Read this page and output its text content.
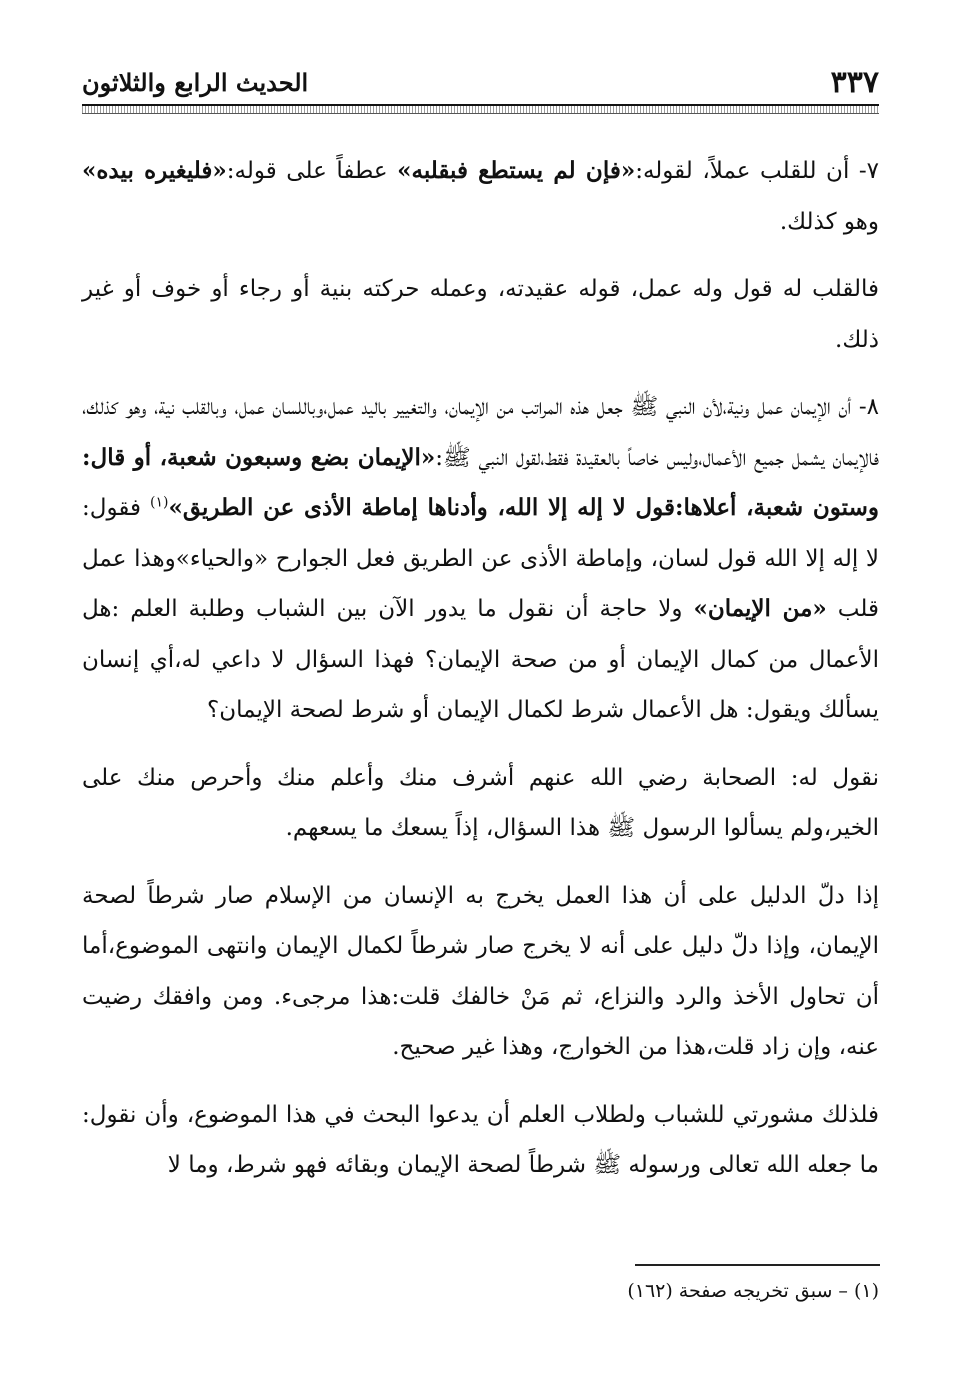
٣٣٧
الحديث الرابع والثلاثون

٧- أن للقلب عملاً، لقوله:«فإن لم يستطع فبقلبه» عطفاً على قوله:«فليغيره بيده» وهو كذلك.

فالقلب له قول وله عمل، قوله عقيدته، وعمله حركته بنية أو رجاء أو خوف أو غير ذلك.

٨- أن الإيمان عمل ونية،لأن النبي ﷺ جعل هذه المراتب من الإيمان، والتغيير باليد عمل،وباللسان عمل، وبالقلب نية، وهو كذلك، فالإيمان يشمل جميع الأعمال،وليس خاصاً بالعقيدة فقط،لقول النبي ﷺ:«الإيمان بضع وسبعون شعبة، أو قال: وستون شعبة، أعلاها:قول لا إله إلا الله، وأدناها إماطة الأذى عن الطريق»$^{(١)}$ فقول: لا إله إلا الله قول لسان، وإماطة الأذى عن الطريق فعل الجوارح «والحياء»وهذا عمل قلب «من الإيمان» ولا حاجة أن نقول ما يدور الآن بين الشباب وطلبة العلم :هل الأعمال من كمال الإيمان أو من صحة الإيمان؟ فهذا السؤال لا داعي له،أي إنسان يسألك ويقول: هل الأعمال شرط لكمال الإيمان أو شرط لصحة الإيمان؟

نقول له: الصحابة رضي الله عنهم أشرف منك وأعلم منك وأحرص منك على الخير،ولم يسألوا الرسول ﷺ هذا السؤال، إذاً يسعك ما يسعهم.

إذا دلّ الدليل على أن هذا العمل يخرج به الإنسان من الإسلام صار شرطاً لصحة الإيمان، وإذا دلّ دليل على أنه لا يخرج صار شرطاً لكمال الإيمان وانتهى الموضوع،أما أن تحاول الأخذ والرد والنزاع، ثم مَنْ خالفك قلت:هذا مرجىء. ومن وافقك رضيت عنه، وإن زاد قلت،هذا من الخوارج، وهذا غير صحيح.

فلذلك مشورتي للشباب ولطلاب العلم أن يدعوا البحث في هذا الموضوع، وأن نقول: ما جعله الله تعالى ورسوله ﷺ شرطاً لصحة الإيمان وبقائه فهو شرط، وما لا

(١) – سبق تخريجه صفحة (١٦٢)
